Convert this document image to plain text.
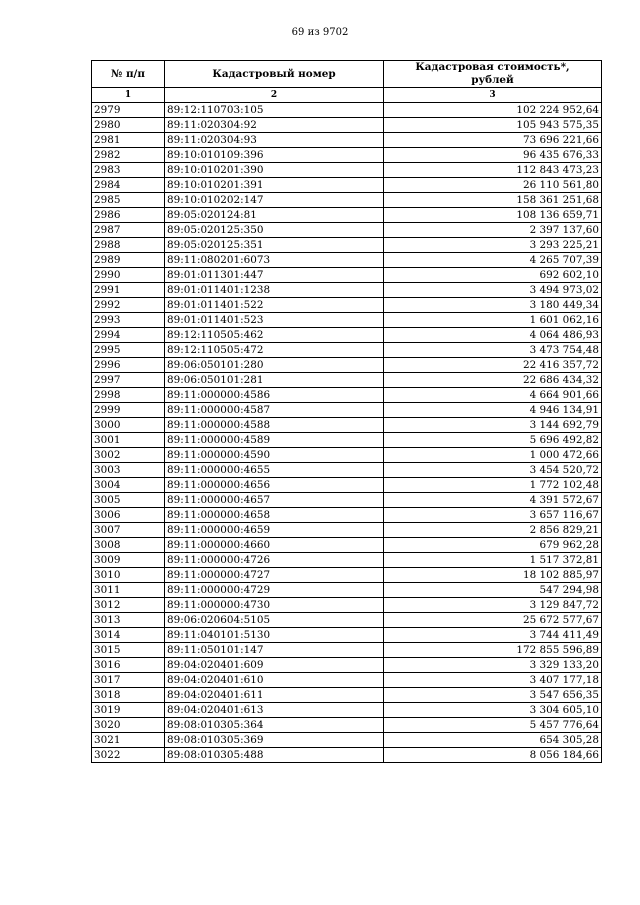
69 из 9702
№ п/п	Кадастровый номер	Кадастровая стоимость*,
рублей
1	2	3
2979	89:12:110703:105	102 224 952,64
2980	89:11:020304:92	105 943 575,35
2981	89:11:020304:93	73 696 221,66
2982	89:10:010109:396	96 435 676,33
2983	89:10:010201:390	112 843 473,23
2984	89:10:010201:391	26 110 561,80
2985	89:10:010202:147	158 361 251,68
2986	89:05:020124:81	108 136 659,71
2987	89:05:020125:350	2 397 137,60
2988	89:05:020125:351	3 293 225,21
2989	89:11:080201:6073	4 265 707,39
2990	89:01:011301:447	692 602,10
2991	89:01:011401:1238	3 494 973,02
2992	89:01:011401:522	3 180 449,34
2993	89:01:011401:523	1 601 062,16
2994	89:12:110505:462	4 064 486,93
2995	89:12:110505:472	3 473 754,48
2996	89:06:050101:280	22 416 357,72
2997	89:06:050101:281	22 686 434,32
2998	89:11:000000:4586	4 664 901,66
2999	89:11:000000:4587	4 946 134,91
3000	89:11:000000:4588	3 144 692,79
3001	89:11:000000:4589	5 696 492,82
3002	89:11:000000:4590	1 000 472,66
3003	89:11:000000:4655	3 454 520,72
3004	89:11:000000:4656	1 772 102,48
3005	89:11:000000:4657	4 391 572,67
3006	89:11:000000:4658	3 657 116,67
3007	89:11:000000:4659	2 856 829,21
3008	89:11:000000:4660	679 962,28
3009	89:11:000000:4726	1 517 372,81
3010	89:11:000000:4727	18 102 885,97
3011	89:11:000000:4729	547 294,98
3012	89:11:000000:4730	3 129 847,72
3013	89:06:020604:5105	25 672 577,67
3014	89:11:040101:5130	3 744 411,49
3015	89:11:050101:147	172 855 596,89
3016	89:04:020401:609	3 329 133,20
3017	89:04:020401:610	3 407 177,18
3018	89:04:020401:611	3 547 656,35
3019	89:04:020401:613	3 304 605,10
3020	89:08:010305:364	5 457 776,64
3021	89:08:010305:369	654 305,28
3022	89:08:010305:488	8 056 184,66
